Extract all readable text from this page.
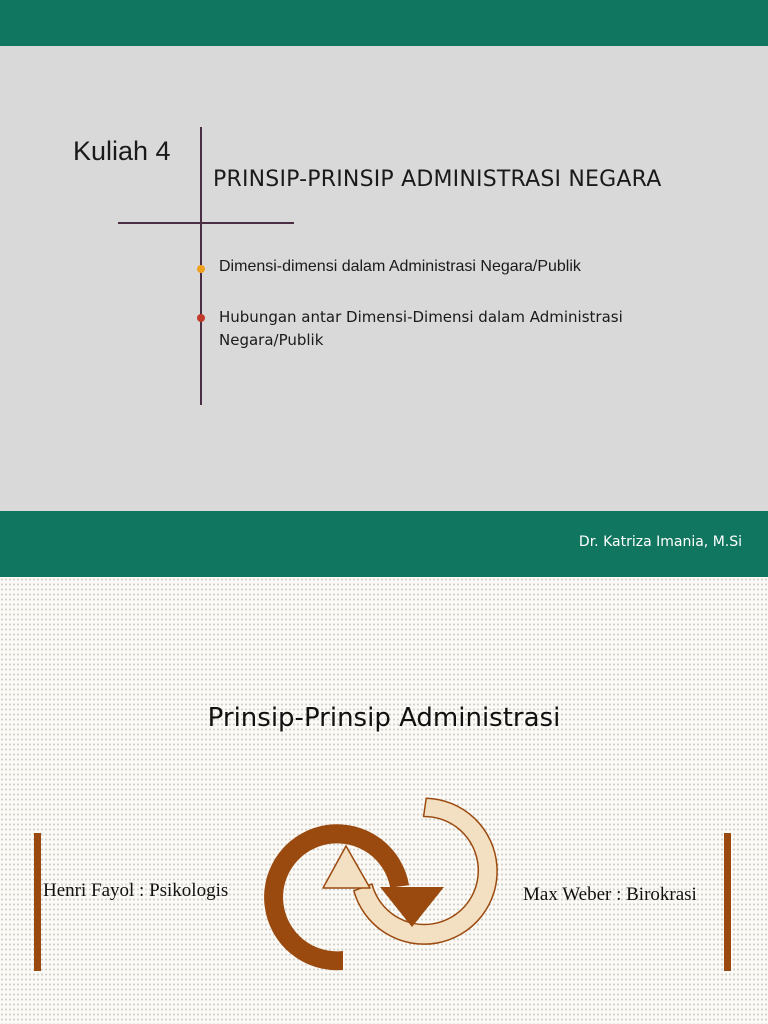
Kuliah 4
PRINSIP-PRINSIP ADMINISTRASI NEGARA
Dimensi-dimensi dalam Administrasi Negara/Publik
Hubungan antar Dimensi-Dimensi dalam Administrasi Negara/Publik
Dr. Katriza Imania, M.Si
Prinsip-Prinsip Administrasi
Henri Fayol : Psikologis	Max Weber : Birokrasi
